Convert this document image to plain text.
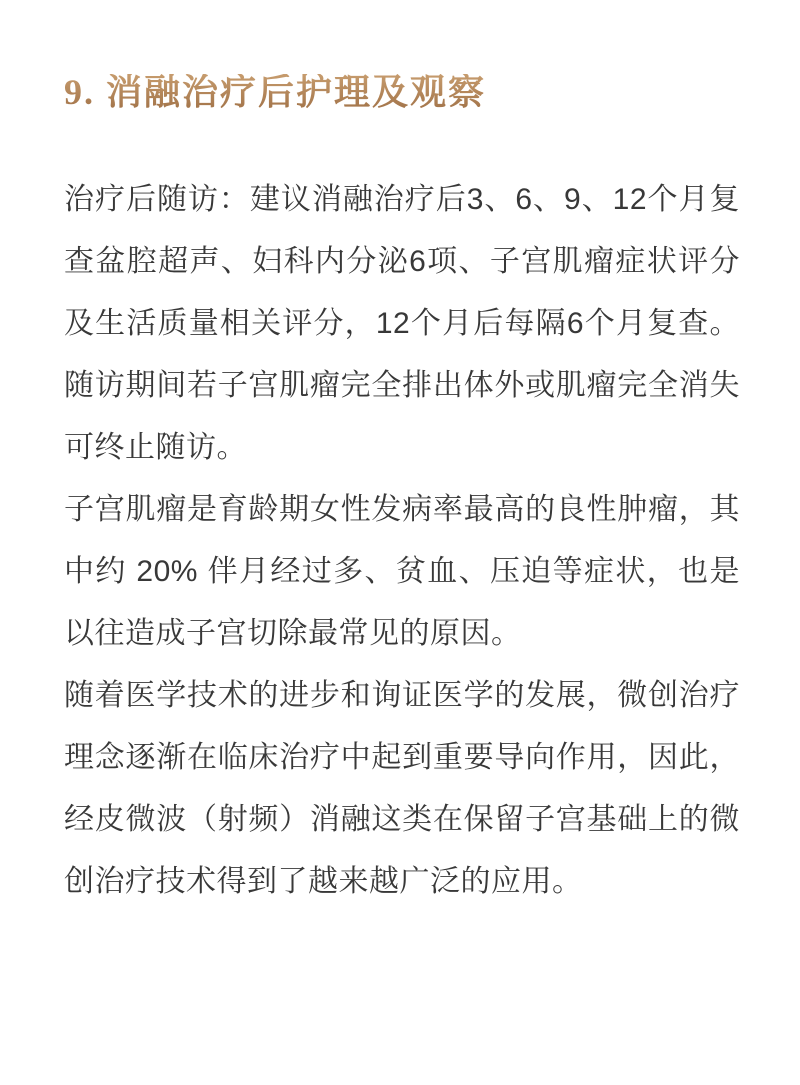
9. 消融治疗后护理及观察

治疗后随访：建议消融治疗后3、6、9、12个月复查盆腔超声、妇科内分泌6项、子宫肌瘤症状评分及生活质量相关评分，12个月后每隔6个月复查。随访期间若子宫肌瘤完全排出体外或肌瘤完全消失可终止随访。

子宫肌瘤是育龄期女性发病率最高的良性肿瘤，其中约 20% 伴月经过多、贫血、压迫等症状，也是以往造成子宫切除最常见的原因。

随着医学技术的进步和询证医学的发展，微创治疗理念逐渐在临床治疗中起到重要导向作用，因此，经皮微波（射频）消融这类在保留子宫基础上的微创治疗技术得到了越来越广泛的应用。
